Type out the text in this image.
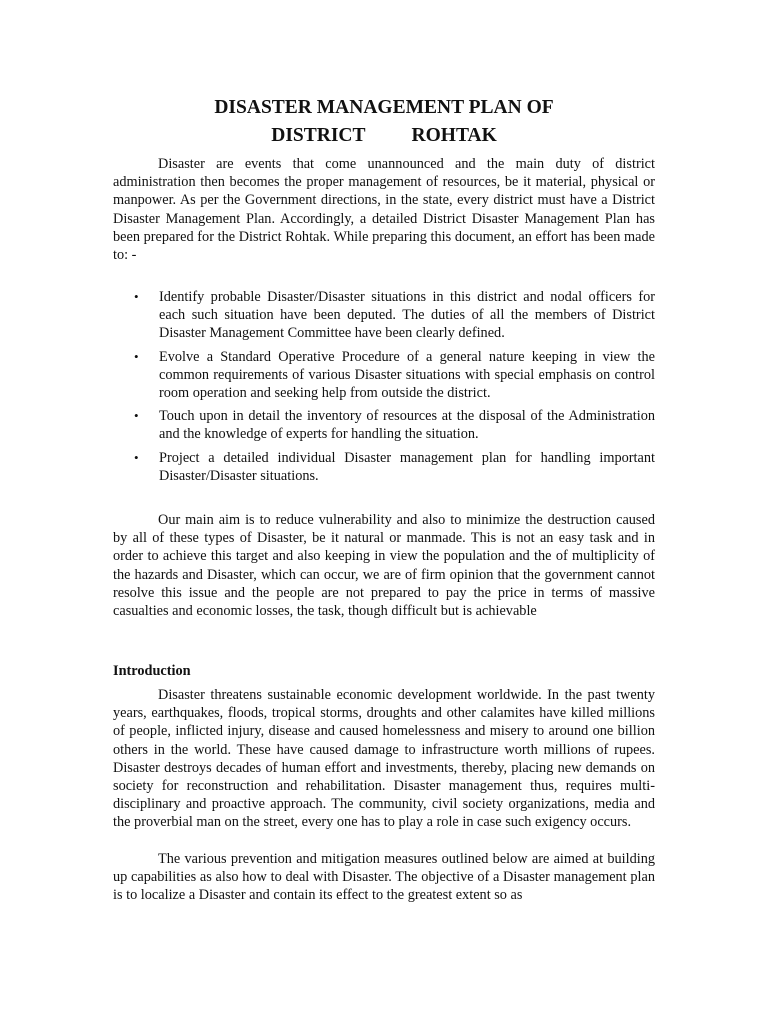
DISASTER MANAGEMENT PLAN OF
DISTRICT ROHTAK

Disaster are events that come unannounced and the main duty of district administration then becomes the proper management of resources, be it material, physical or manpower. As per the Government directions, in the state, every district must have a District Disaster Management Plan. Accordingly, a detailed District Disaster Management Plan has been prepared for the District Rohtak. While preparing this document, an effort has been made to: -

• Identify probable Disaster/Disaster situations in this district and nodal officers for each such situation have been deputed. The duties of all the members of District Disaster Management Committee have been clearly defined.
• Evolve a Standard Operative Procedure of a general nature keeping in view the common requirements of various Disaster situations with special emphasis on control room operation and seeking help from outside the district.
• Touch upon in detail the inventory of resources at the disposal of the Administration and the knowledge of experts for handling the situation.
• Project a detailed individual Disaster management plan for handling important Disaster/Disaster situations.

Our main aim is to reduce vulnerability and also to minimize the destruction caused by all of these types of Disaster, be it natural or manmade. This is not an easy task and in order to achieve this target and also keeping in view the population and the of multiplicity of the hazards and Disaster, which can occur, we are of firm opinion that the government cannot resolve this issue and the people are not prepared to pay the price in terms of massive casualties and economic losses, the task, though difficult but is achievable

Introduction

Disaster threatens sustainable economic development worldwide. In the past twenty years, earthquakes, floods, tropical storms, droughts and other calamites have killed millions of people, inflicted injury, disease and caused homelessness and misery to around one billion others in the world. These have caused damage to infrastructure worth millions of rupees. Disaster destroys decades of human effort and investments, thereby, placing new demands on society for reconstruction and rehabilitation. Disaster management thus, requires multi-disciplinary and proactive approach. The community, civil society organizations, media and the proverbial man on the street, every one has to play a role in case such exigency occurs.

The various prevention and mitigation measures outlined below are aimed at building up capabilities as also how to deal with Disaster. The objective of a Disaster management plan is to localize a Disaster and contain its effect to the greatest extent so as
